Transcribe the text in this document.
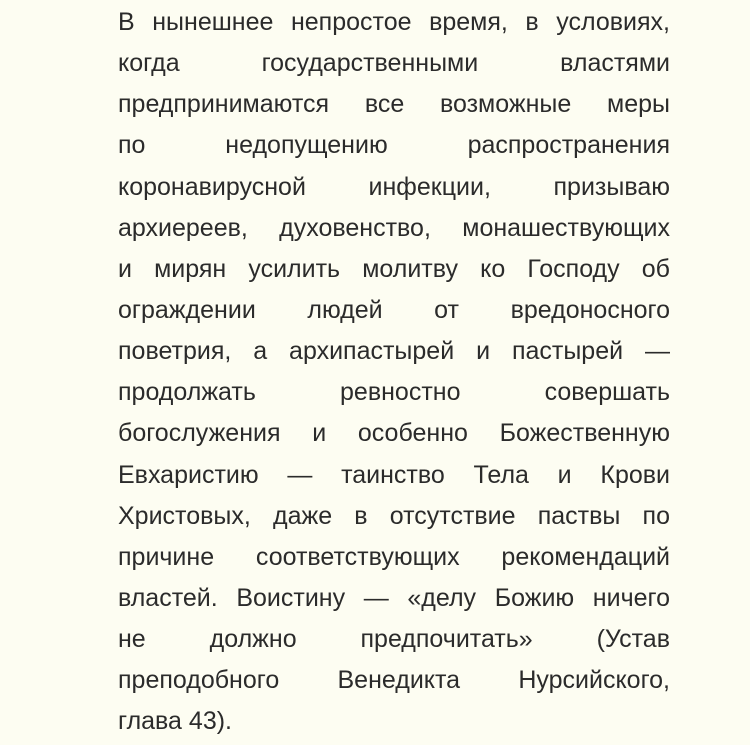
В нынешнее непростое время, в условиях,
когда государственными властями
предпринимаются все возможные меры
по недопущению распространения
коронавирусной инфекции, призываю
архиереев, духовенство, монашествующих
и мирян усилить молитву ко Господу об
ограждении людей от вредоносного
поветрия, а архипастырей и пастырей —
продолжать ревностно совершать
богослужения и особенно Божественную
Евхаристию — таинство Тела и Крови
Христовых, даже в отсутствие паствы по
причине соответствующих рекомендаций
властей. Воистину — «делу Божию ничего
не должно предпочитать» (Устав
преподобного Венедикта Нурсийского,
глава 43).
